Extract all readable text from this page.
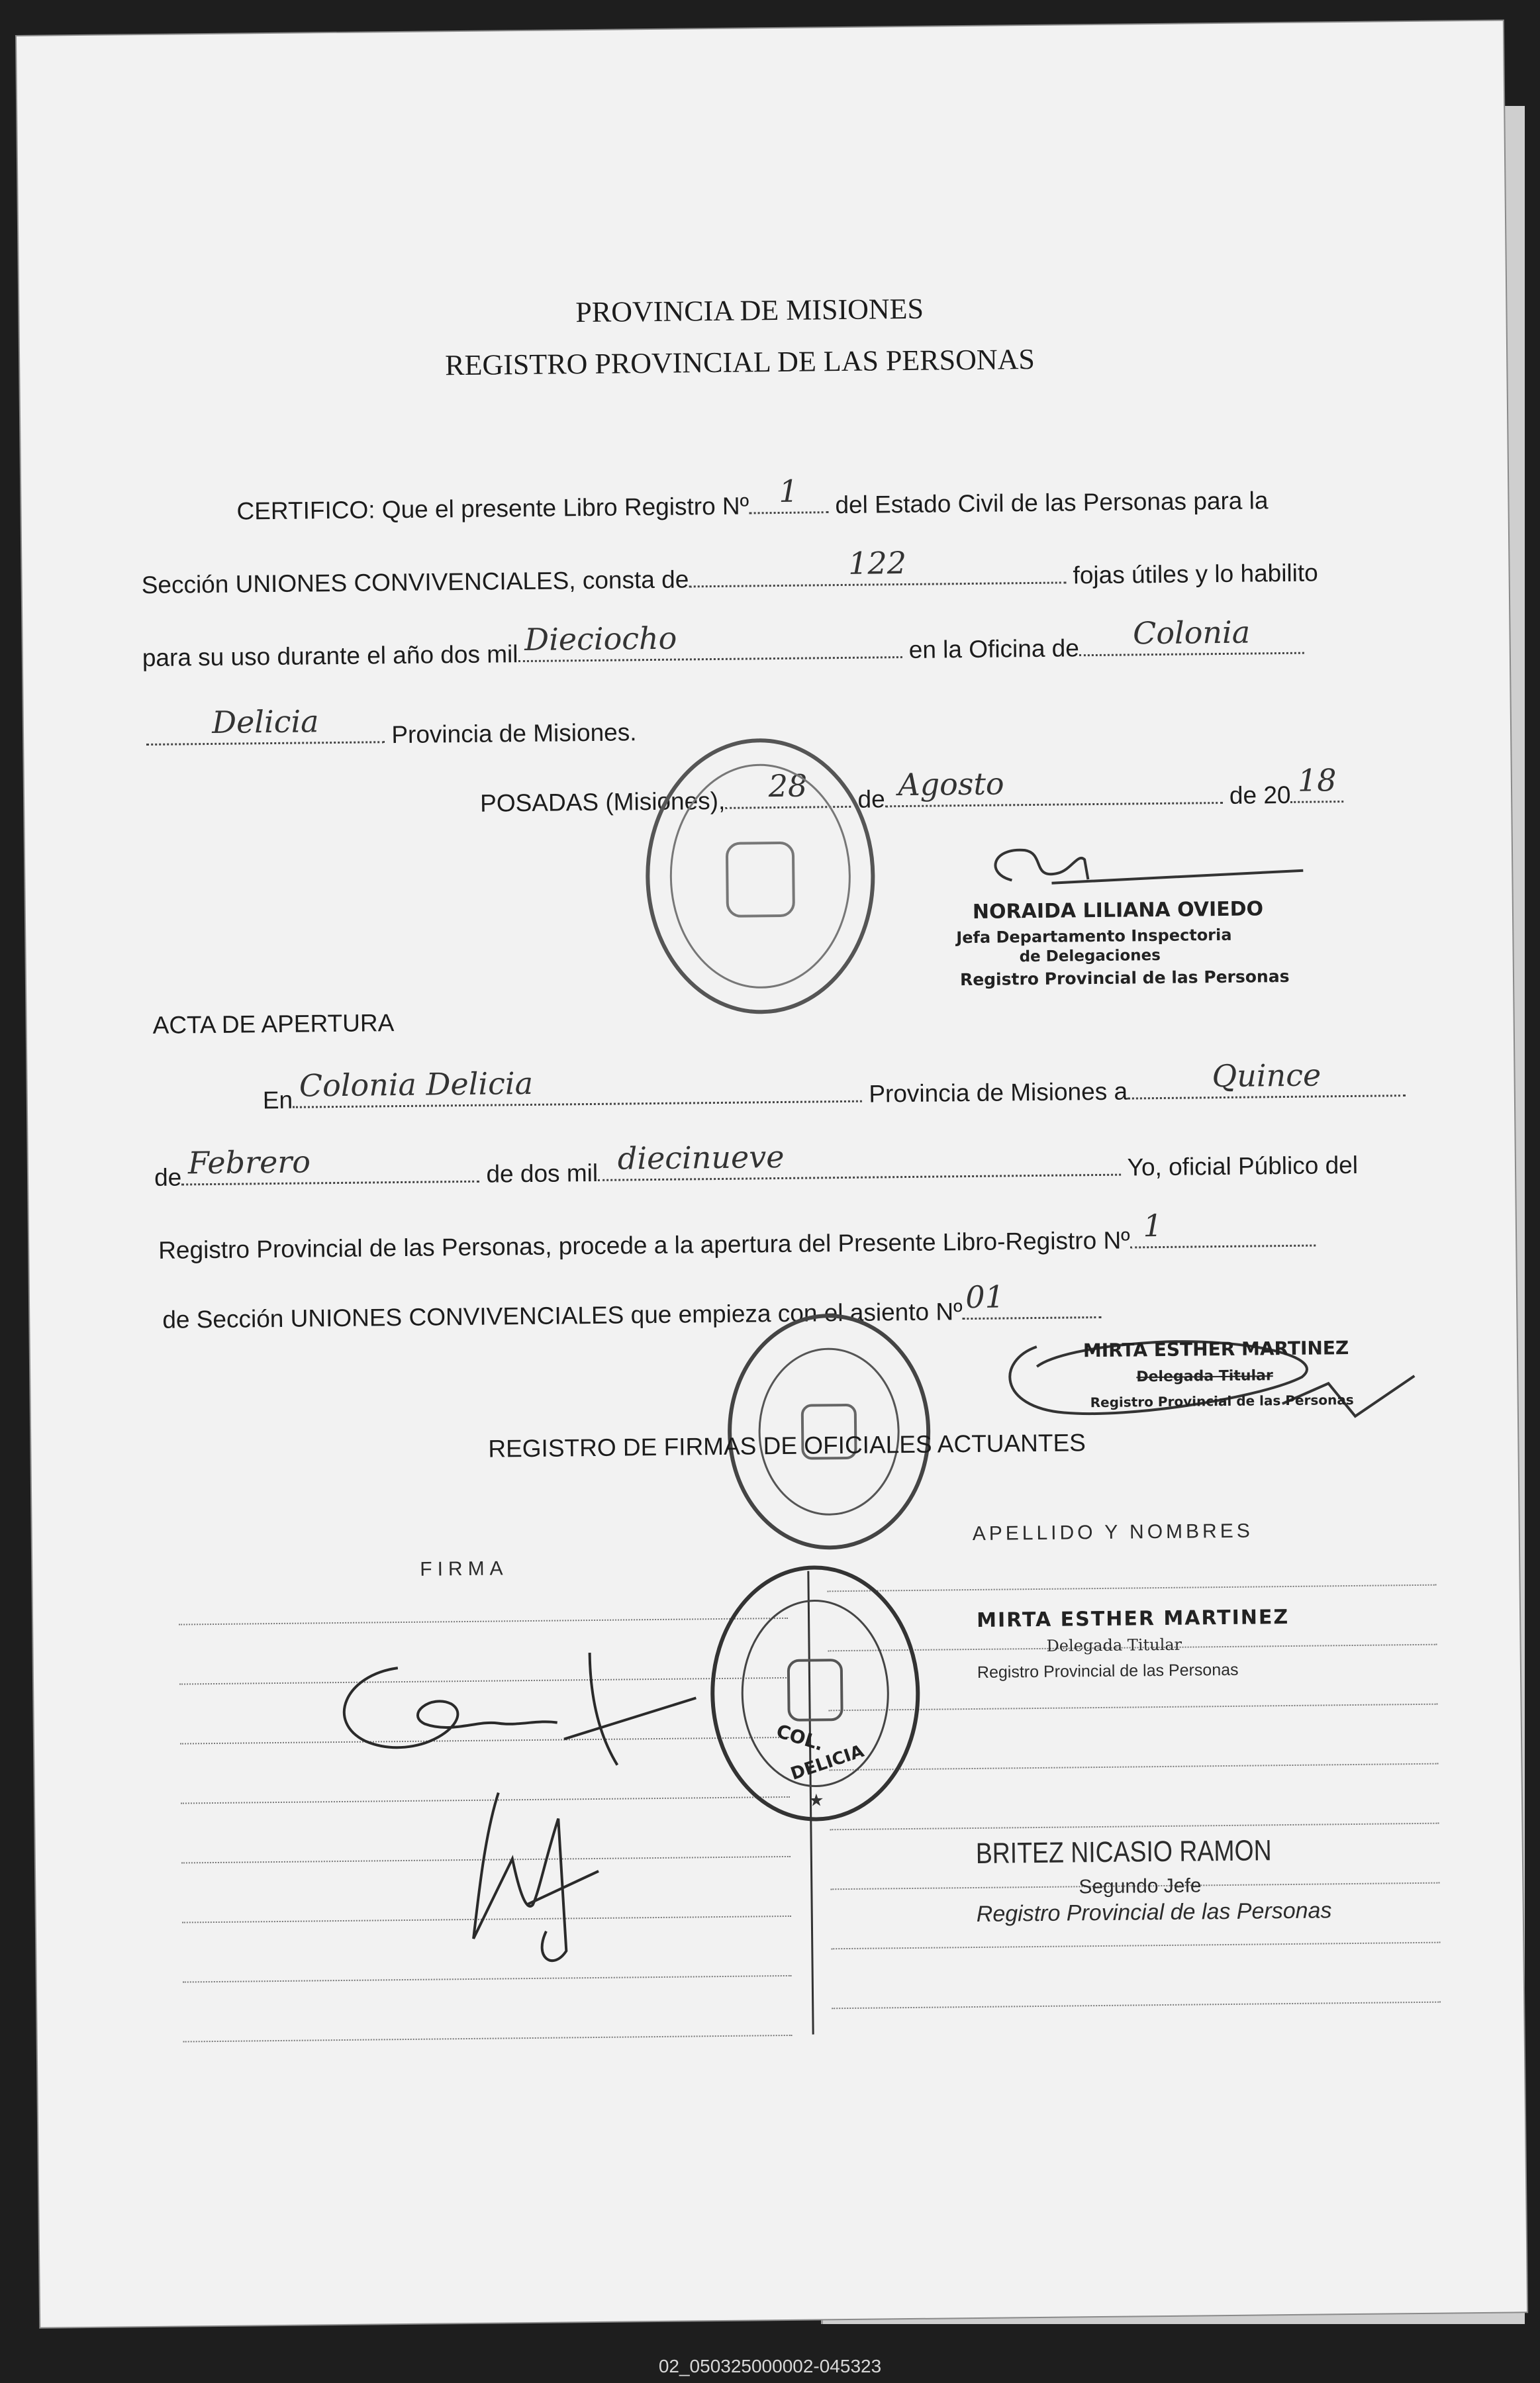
PROVINCIA DE MISIONES
REGISTRO PROVINCIAL DE LAS PERSONAS
CERTIFICO: Que el presente Libro Registro Nº 1	del Estado Civil de las Personas para la
Sección UNIONES CONVIVENCIALES, consta de
122	fojas útiles y lo habilito
para su uso durante el año dos mil Dieciocho	en la Oficina de	Colonia
Delicia	Provincia de Misiones.
POSADAS (Misiones),	28	de Agosto	de 20 18
NORAIDA LILIANA OVIEDO
Jefa Departamento Inspectoria
de Delegaciones
Registro Provincial de las Personas
ACTA DE APERTURA
En Colonia Delicia	Provincia de Misiones a	Quince
de Febrero	de dos mil diecinueve	Yo, oficial Público del
Registro Provincial de las Personas, procede a la apertura del Presente Libro-Registro Nº
1
de Sección UNIONES CONVIVENCIALES que empieza con el asiento Nº
01
MIRTA ESTHER MARTINEZ
Delegada Titular
Registro Provincial de las Personas
REGISTRO DE FIRMAS DE OFICIALES ACTUANTES
FIRMA
APELLIDO Y NOMBRES
★
COL.
DELICIA
MIRTA ESTHER MARTINEZ
Delegada Titular
Registro Provincial de las Personas
BRITEZ NICASIO RAMON
Segundo Jefe
Registro Provincial de las Personas
02_050325000002-045323
